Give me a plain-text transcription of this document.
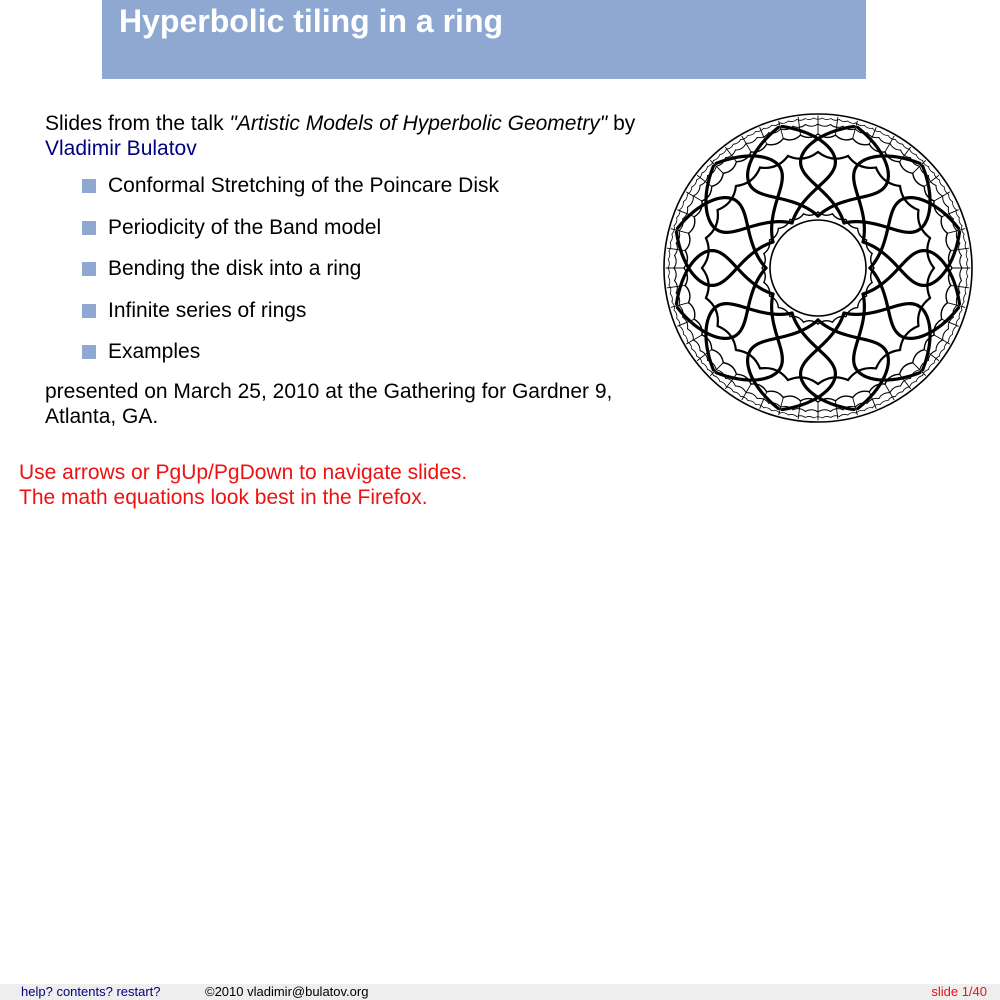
Hyperbolic tiling in a ring

Slides from the talk "Artistic Models of Hyperbolic Geometry" by
Vladimir Bulatov

Conformal Stretching of the Poincare Disk
Periodicity of the Band model
Bending the disk into a ring
Infinite series of rings
Examples

presented on March 25, 2010 at the Gathering for Gardner 9, Atlanta, GA.

Use arrows or PgUp/PgDown to navigate slides.
The math equations look best in the Firefox.

help? contents? restart?	©2010 vladimir@bulatov.org	slide 1/40
